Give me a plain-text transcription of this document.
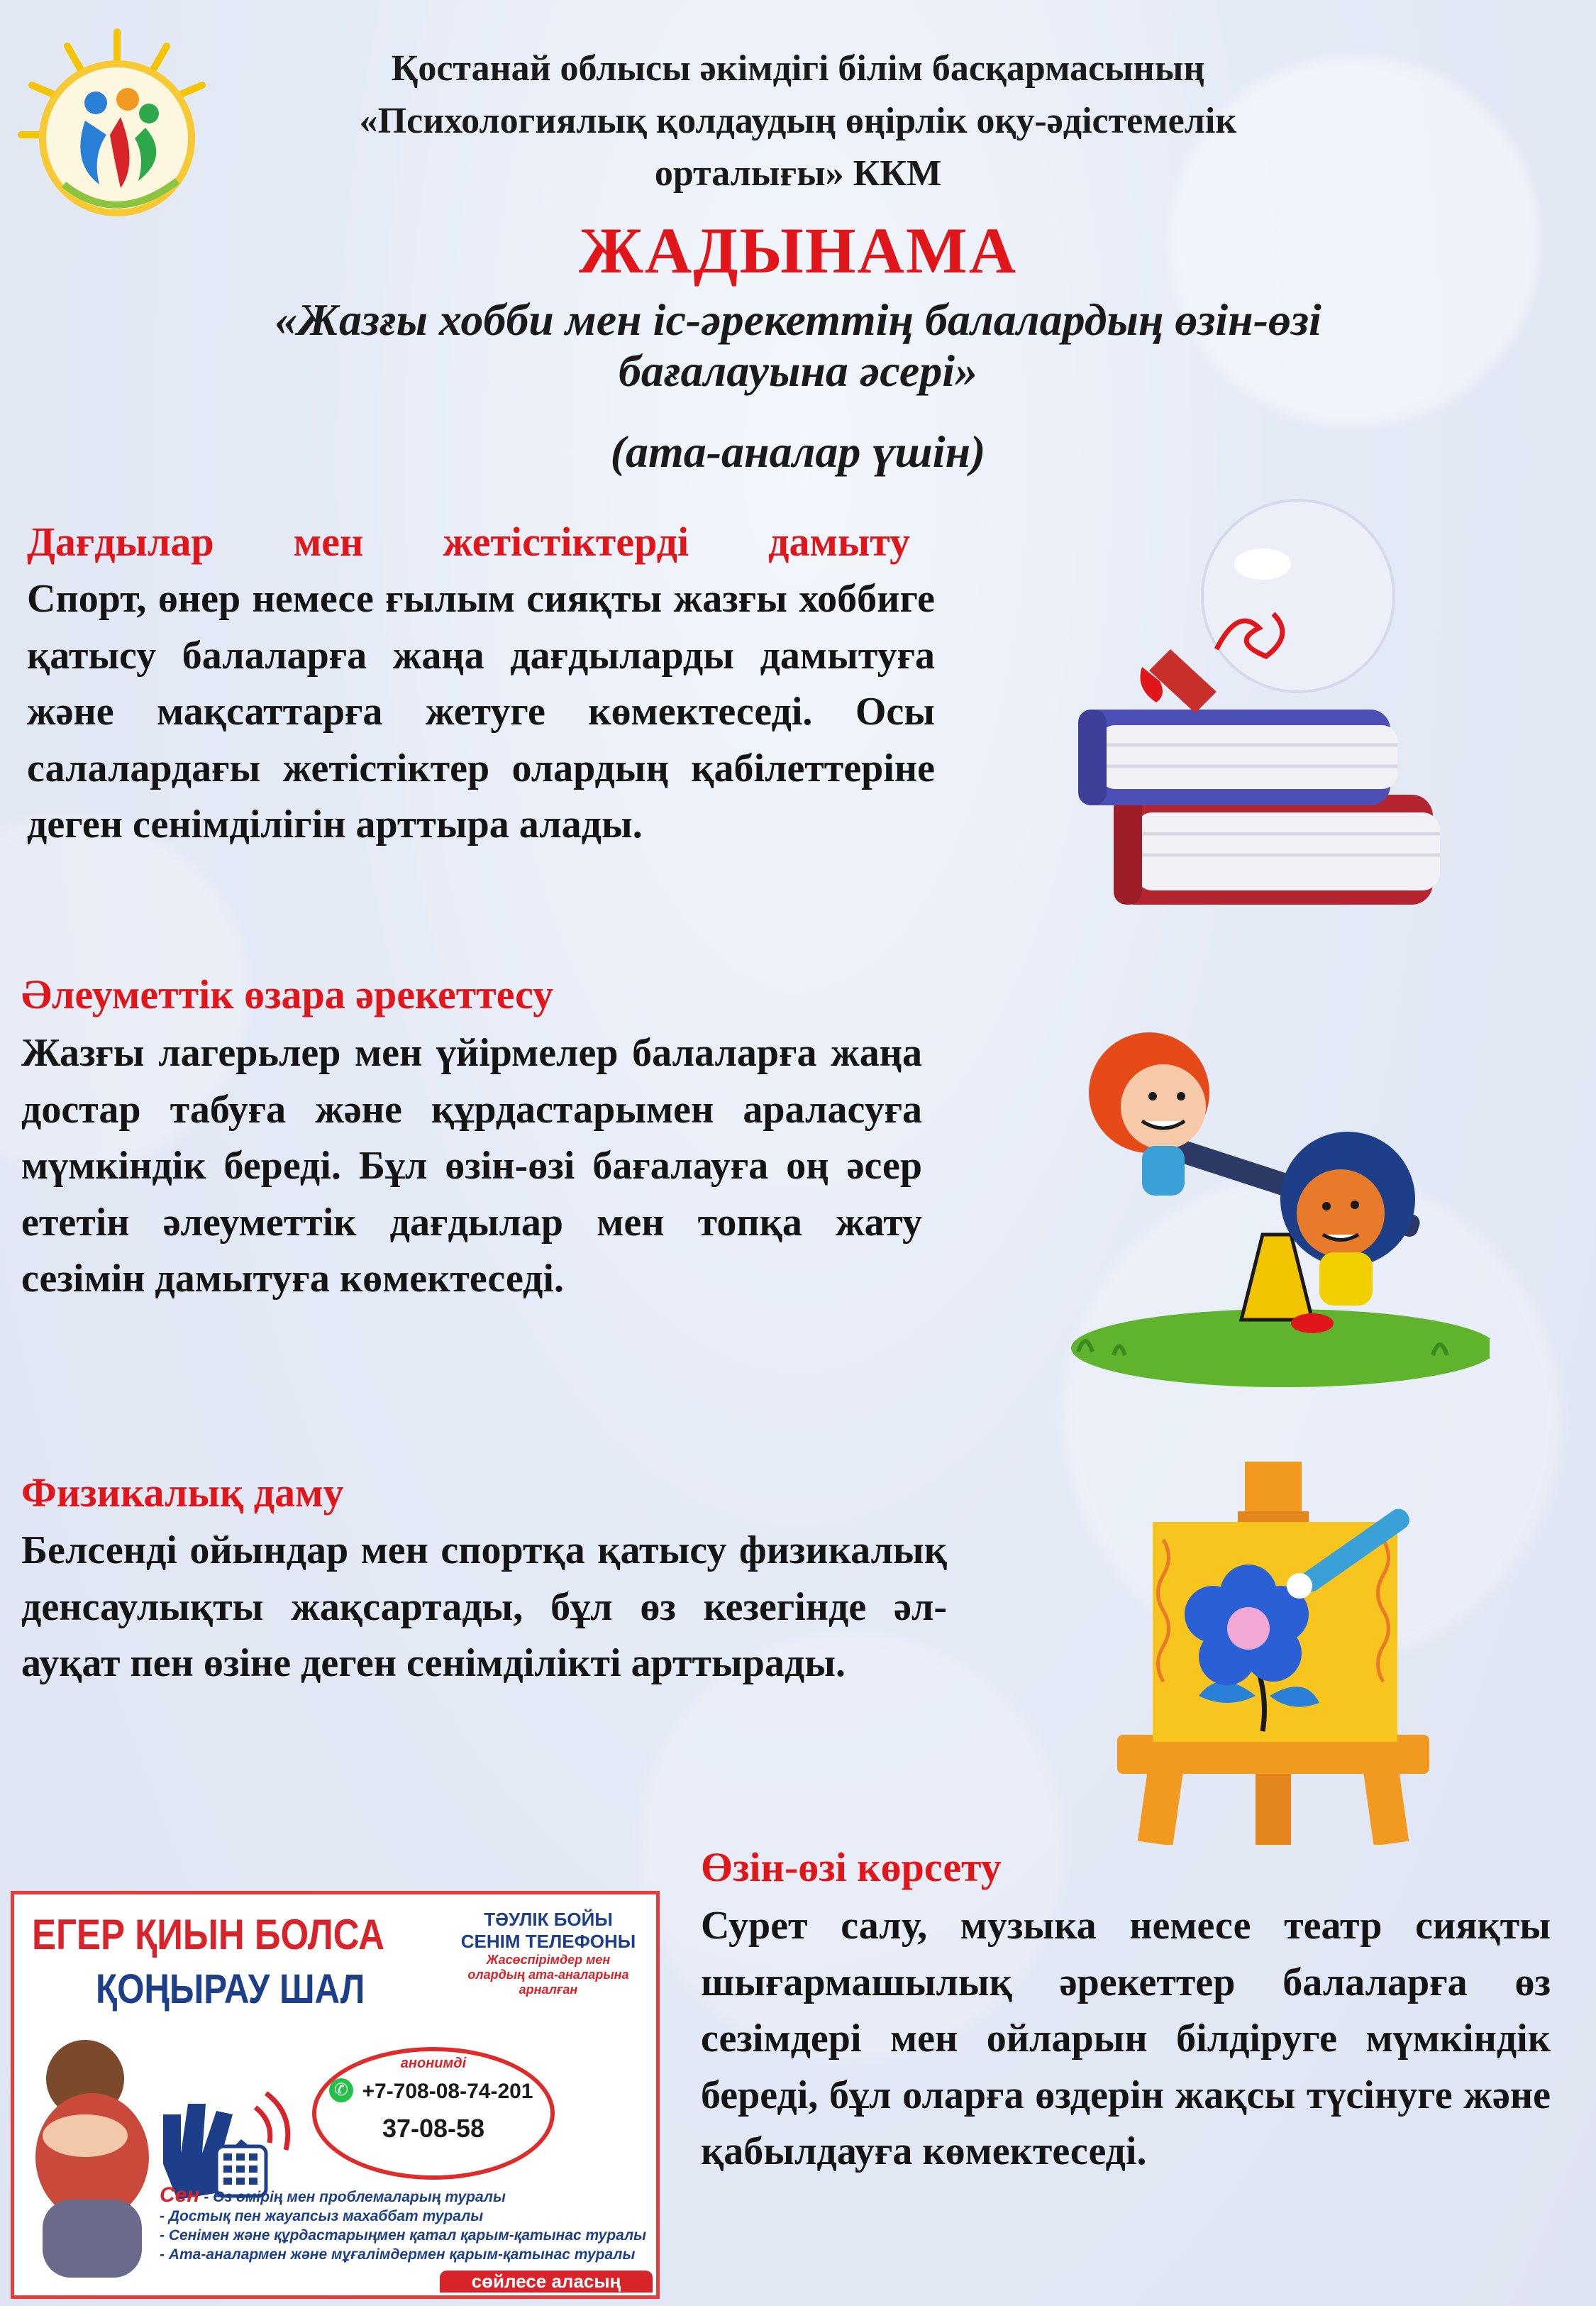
Қостанай облысы әкімдігі білім басқармасының
«Психологиялық қолдаудың өңірлік оқу-әдістемелік
орталығы» ККМ
ЖАДЫНАМА
«Жазғы хобби мен іс-әрекеттің балалардың өзін-өзі
бағалауына әсері»
(ата-аналар үшін)
Дағдылар мен жетістіктерді дамыту
Спорт, өнер немесе ғылым сияқты жазғы хоббиге қатысу балаларға жаңа дағдыларды дамытуға және мақсаттарға жетуге көмектеседі. Осы салалардағы жетістіктер олардың қабілеттеріне деген сенімділігін арттыра алады.
Әлеуметтік өзара әрекеттесу
Жазғы лагерьлер мен үйірмелер балаларға жаңа достар табуға және құрдастарымен араласуға мүмкіндік береді. Бұл өзін-өзі бағалауға оң әсер ететін әлеуметтік дағдылар мен топқа жату сезімін дамытуға көмектеседі.
Физикалық даму
Белсенді ойындар мен спортқа қатысу физикалық денсаулықты жақсартады, бұл өз кезегінде әл-ауқат пен өзіне деген сенімділікті арттырады.
Өзін-өзі көрсету
Сурет салу, музыка немесе театр сияқты шығармашылық әрекеттер балаларға өз сезімдері мен ойларын білдіруге мүмкіндік береді, бұл оларға өздерін жақсы түсінуге және қабылдауға көмектеседі.
ЕГЕР ҚИЫН БОЛСА
ҚОҢЫРАУ ШАЛ
ТӘУЛІК БОЙЫ
СЕНІМ ТЕЛЕФОНЫ
Жасөспірімдер мен
олардың ата-аналарына
арналған
анонимді
✆ +7-708-08-74-201
37-08-58
Сен - Өз өмірің мен проблемаларың туралы
- Достық пен жауапсыз махаббат туралы
- Сенімен және құрдастарыңмен қатал қарым-қатынас туралы
- Ата-аналармен және мұғалімдермен қарым-қатынас туралы
сөйлесе аласың
